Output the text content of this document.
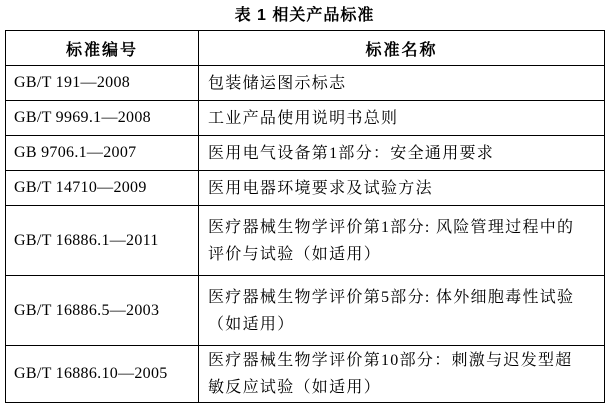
表 1 相关产品标准
标准编号	标准名称
GB/T 191—2008	包装储运图示标志
GB/T 9969.1—2008	工业产品使用说明书总则
GB 9706.1—2007	医用电气设备第1部分：安全通用要求
GB/T 14710—2009	医用电器环境要求及试验方法
GB/T 16886.1—2011	医疗器械生物学评价第1部分: 风险管理过程中的
评价与试验（如适用）
GB/T 16886.5—2003	医疗器械生物学评价第5部分: 体外细胞毒性试验
（如适用）
GB/T 16886.10—2005	医疗器械生物学评价第10部分：刺激与迟发型超
敏反应试验（如适用）
